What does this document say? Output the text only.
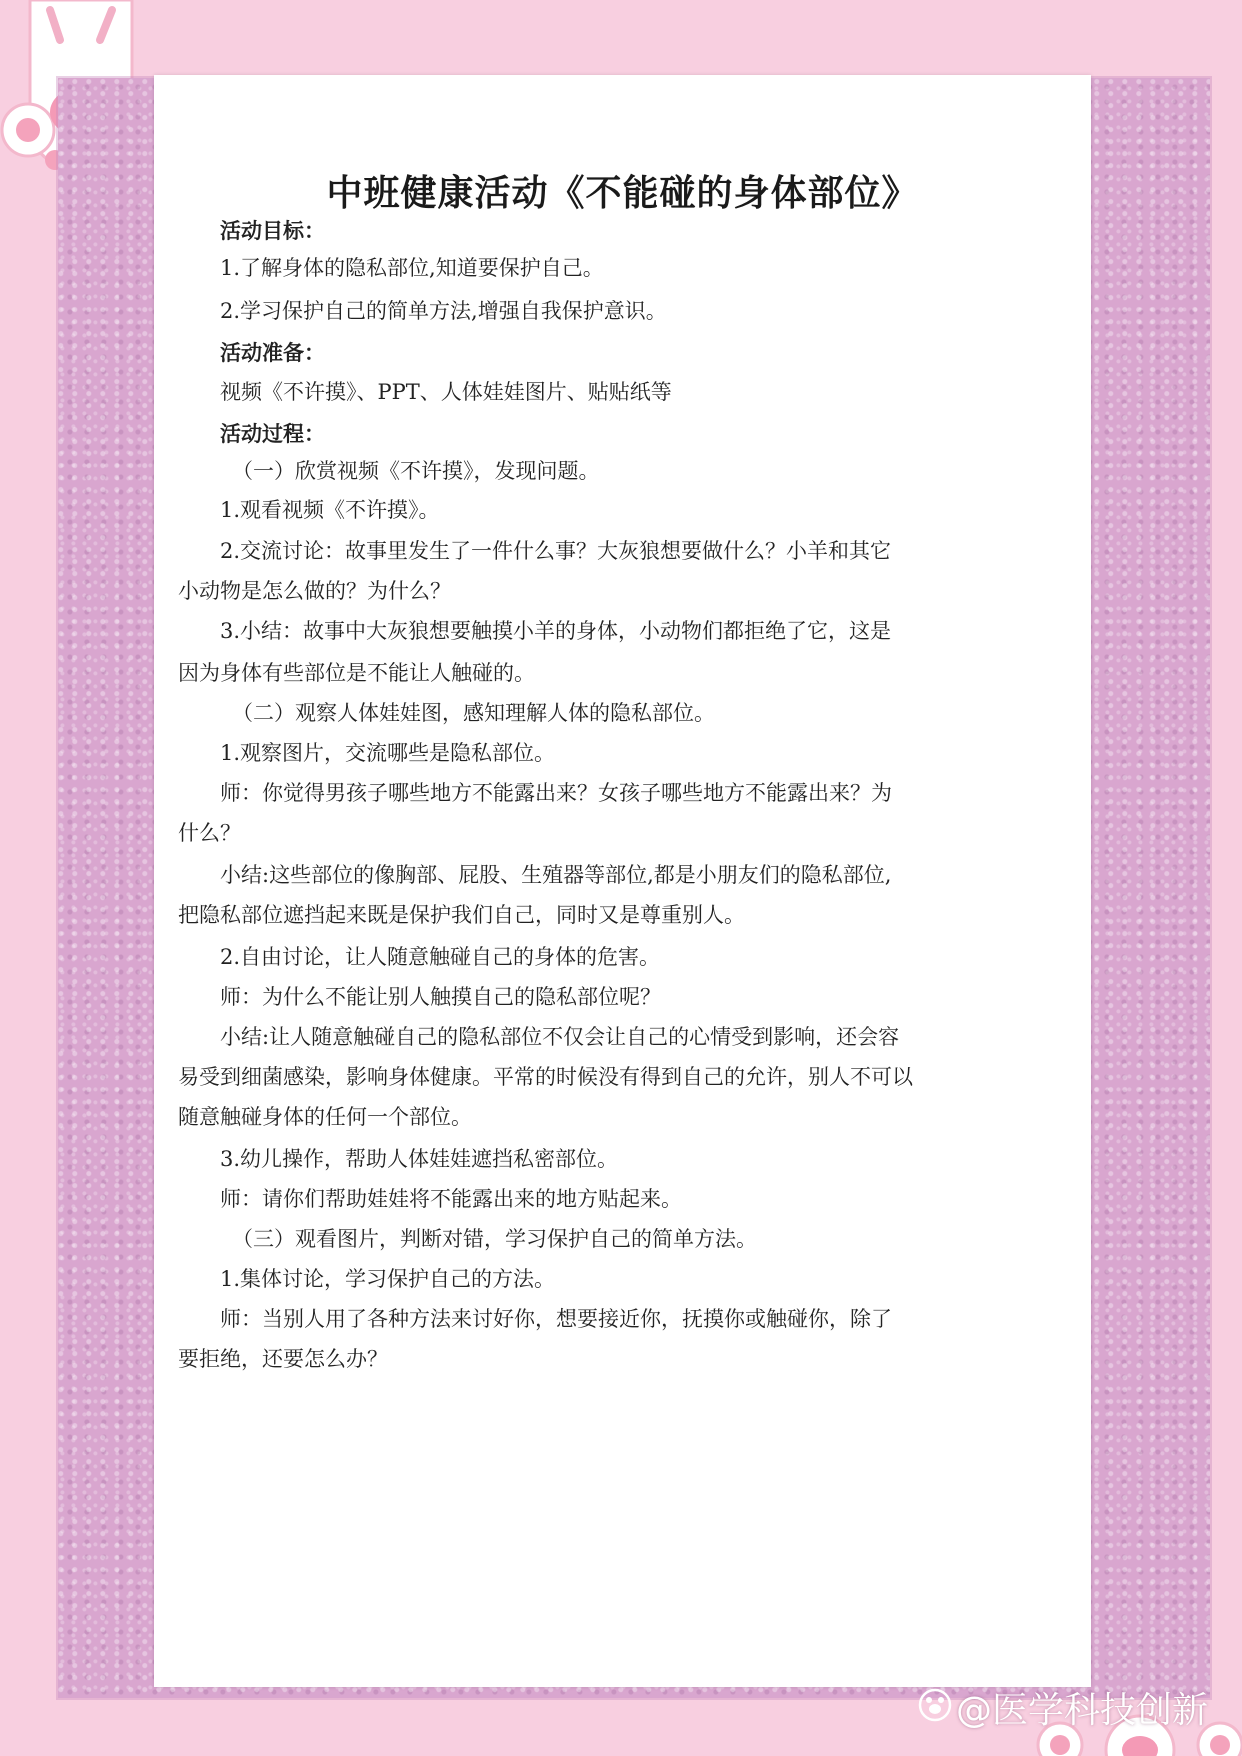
中班健康活动《不能碰的身体部位》
活动目标：
1.了解身体的隐私部位,知道要保护自己。
2.学习保护自己的简单方法,增强自我保护意识。
活动准备：
视频《不许摸》、PPT、人体娃娃图片、贴贴纸等
活动过程：
（一）欣赏视频《不许摸》，发现问题。
1.观看视频《不许摸》。
2.交流讨论：故事里发生了一件什么事？大灰狼想要做什么？小羊和其它
小动物是怎么做的？为什么？
3.小结：故事中大灰狼想要触摸小羊的身体，小动物们都拒绝了它，这是
因为身体有些部位是不能让人触碰的。
（二）观察人体娃娃图，感知理解人体的隐私部位。
1.观察图片，交流哪些是隐私部位。
师：你觉得男孩子哪些地方不能露出来？女孩子哪些地方不能露出来？为
什么？
小结:这些部位的像胸部、屁股、生殖器等部位,都是小朋友们的隐私部位,
把隐私部位遮挡起来既是保护我们自己，同时又是尊重别人。
2.自由讨论，让人随意触碰自己的身体的危害。
师：为什么不能让别人触摸自己的隐私部位呢？
小结:让人随意触碰自己的隐私部位不仅会让自己的心情受到影响，还会容
易受到细菌感染，影响身体健康。平常的时候没有得到自己的允许，别人不可以
随意触碰身体的任何一个部位。
3.幼儿操作，帮助人体娃娃遮挡私密部位。
师：请你们帮助娃娃将不能露出来的地方贴起来。
（三）观看图片，判断对错，学习保护自己的简单方法。
1.集体讨论，学习保护自己的方法。
师：当别人用了各种方法来讨好你，想要接近你，抚摸你或触碰你，除了
要拒绝，还要怎么办？
@医学科技创新
